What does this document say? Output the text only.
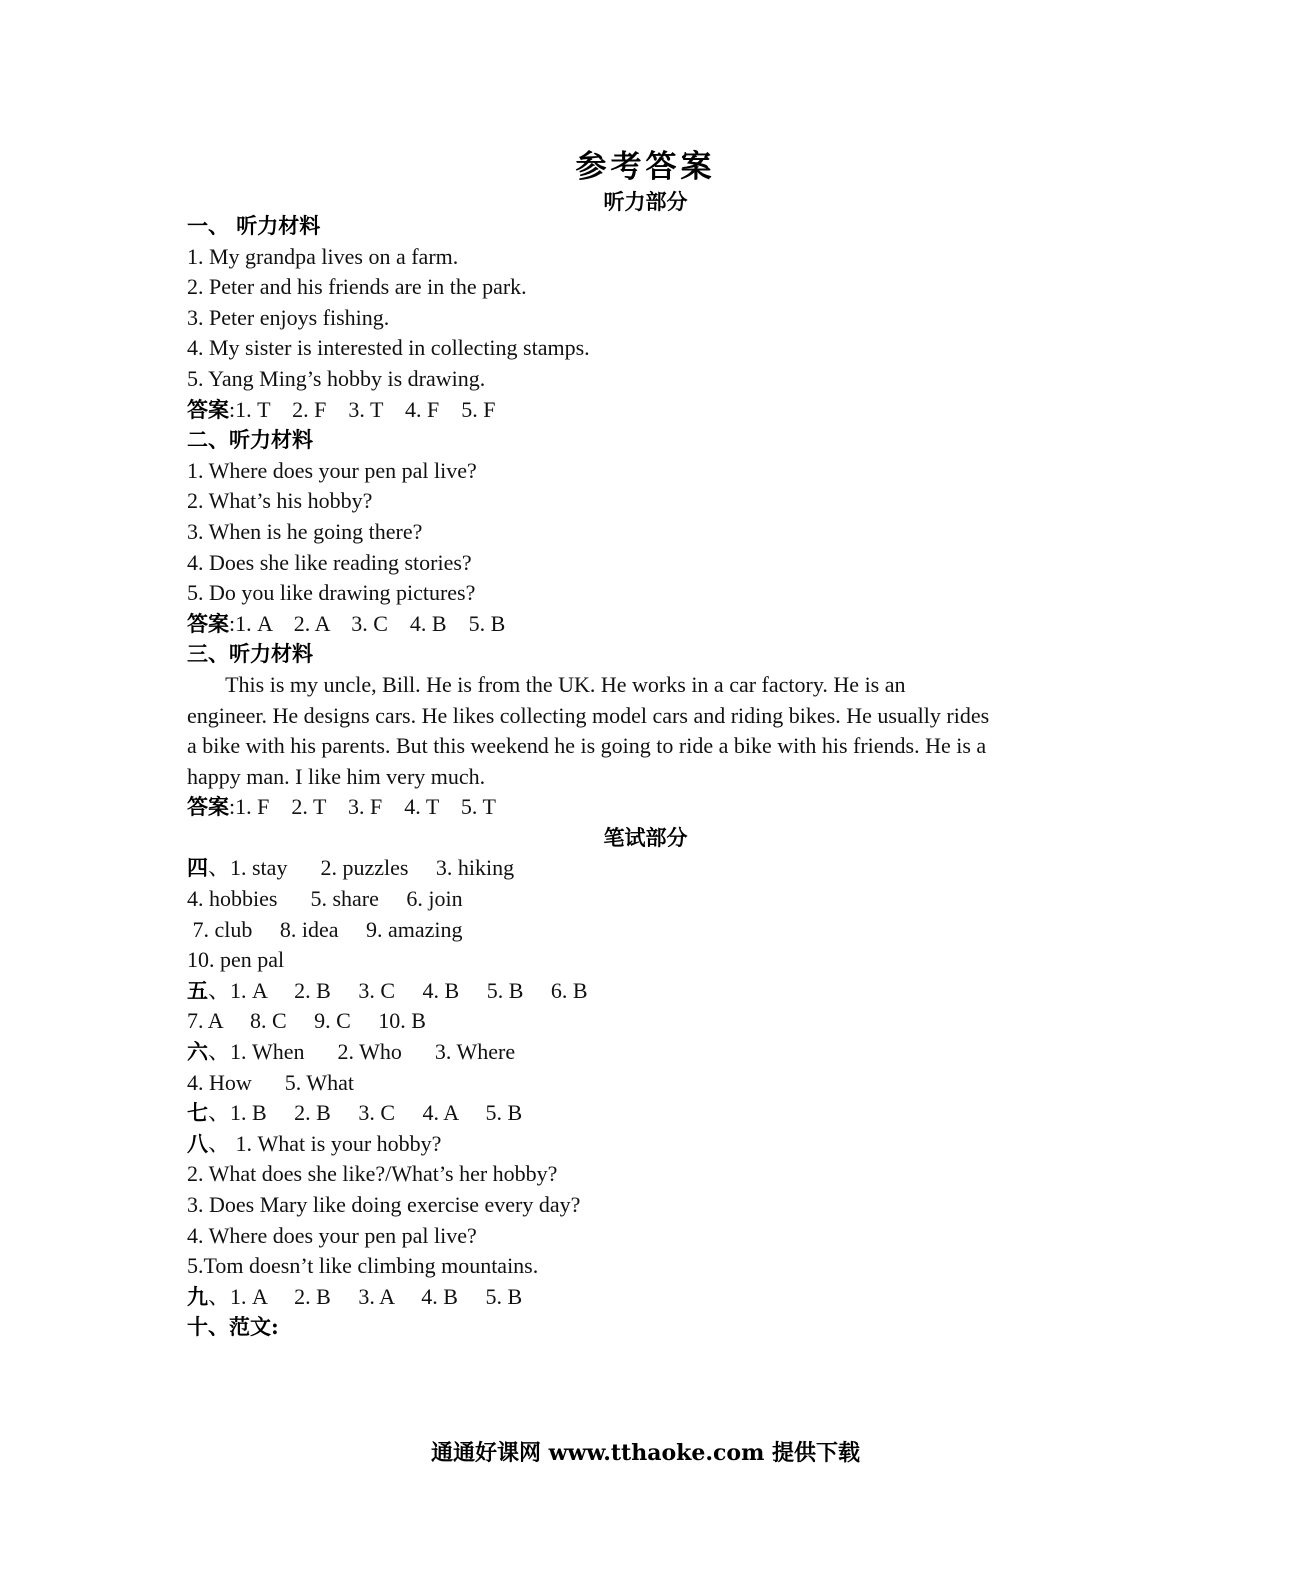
参考答案
听力部分
一、 听力材料
1. My grandpa lives on a farm.
2. Peter and his friends are in the park.
3. Peter enjoys fishing.
4. My sister is interested in collecting stamps.
5. Yang Ming’s hobby is drawing.
答案:1. T    2. F    3. T    4. F    5. F
二、听力材料
1. Where does your pen pal live?
2. What’s his hobby?
3. When is he going there?
4. Does she like reading stories?
5. Do you like drawing pictures?
答案:1. A    2. A    3. C    4. B    5. B
三、听力材料
This is my uncle, Bill. He is from the UK. He works in a car factory. He is an
engineer. He designs cars. He likes collecting model cars and riding bikes. He usually rides
a bike with his parents. But this weekend he is going to ride a bike with his friends. He is a
happy man. I like him very much.
答案:1. F    2. T    3. F    4. T    5. T
笔试部分
四、1. stay      2. puzzles     3. hiking
4. hobbies      5. share     6. join
7. club     8. idea     9. amazing
10. pen pal
五、1. A     2. B     3. C     4. B     5. B     6. B
7. A     8. C     9. C     10. B
六、1. When      2. Who      3. Where
4. How      5. What
七、1. B     2. B     3. C     4. A     5. B
八、 1. What is your hobby?
2. What does she like?/What’s her hobby?
3. Does Mary like doing exercise every day?
4. Where does your pen pal live?
5.Tom doesn’t like climbing mountains.
九、1. A     2. B     3. A     4. B     5. B
十、范文:
通通好课网 www.tthaoke.com 提供下载
